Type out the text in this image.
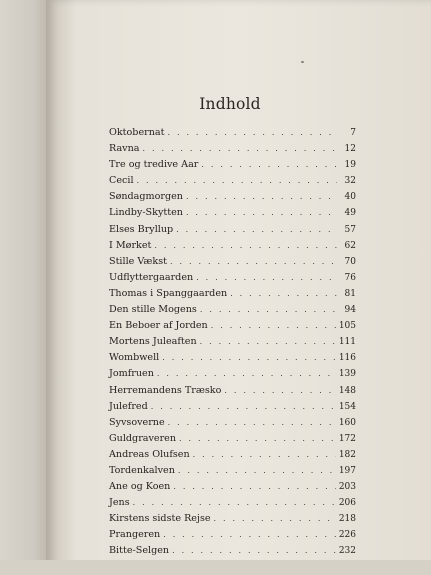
Indhold
Oktobernat . . .	7
Ravna . . .	12
Tre og tredive Aar . . .	19
Cecil . . .	32
Søndagmorgen . . .	40
Lindby-Skytten . . .	49
Elses Bryllup . . .	57
I Mørket . . .	62
Stille Vækst . . .	70
Udflyttergaarden . . .	76
Thomas i Spanggaarden . . .	81
Den stille Mogens . . .	94
En Beboer af Jorden . . .	105
Mortens Juleaften . . .	111
Wombwell . . .	116
Jomfruen . . .	139
Herremandens Træsko . . .	148
Julefred . . .	154
Syvsoverne . . .	160
Guldgraveren . . .	172
Andreas Olufsen . . .	182
Tordenkalven . . .	197
Ane og Koen . . .	203
Jens . . .	206
Kirstens sidste Rejse . . .	218
Prangeren . . .	226
Bitte-Selgen . . .	232
